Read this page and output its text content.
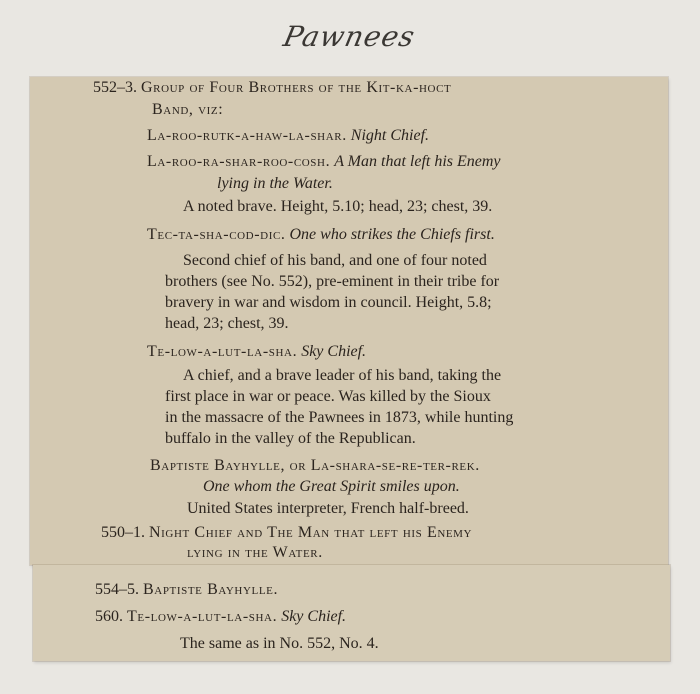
Pawnees
552–3. Group of Four Brothers of the Kit-ka-hoct
Band, viz:
La-roo-rutk-a-haw-la-shar. Night Chief.
La-roo-ra-shar-roo-cosh. A Man that left his Enemy
lying in the Water.
A noted brave. Height, 5.10; head, 23; chest, 39.
Tec-ta-sha-cod-dic. One who strikes the Chiefs first.
Second chief of his band, and one of four noted
brothers (see No. 552), pre-eminent in their tribe for
bravery in war and wisdom in council. Height, 5.8;
head, 23; chest, 39.
Te-low-a-lut-la-sha. Sky Chief.
A chief, and a brave leader of his band, taking the
first place in war or peace. Was killed by the Sioux
in the massacre of the Pawnees in 1873, while hunting
buffalo in the valley of the Republican.
Baptiste Bayhylle, or La-shara-se-re-ter-rek.
One whom the Great Spirit smiles upon.
United States interpreter, French half-breed.
550–1. Night Chief and The Man that left his Enemy
lying in the Water.
554–5. Baptiste Bayhylle.
560. Te-low-a-lut-la-sha. Sky Chief.
The same as in No. 552, No. 4.
